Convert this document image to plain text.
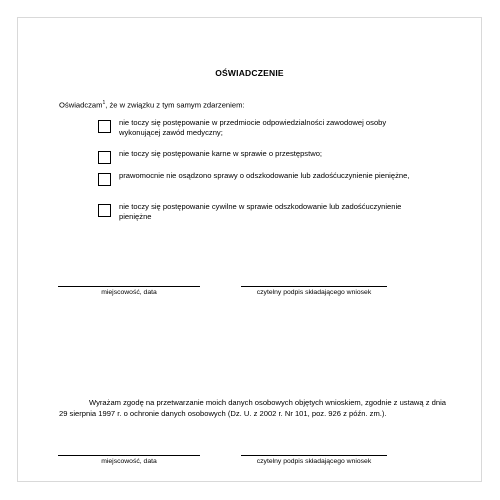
OŚWIADCZENIE
Oświadczam$^1$, że w związku z tym samym zdarzeniem:
nie toczy się postępowanie w przedmiocie odpowiedzialności zawodowej osoby wykonującej zawód medyczny;
nie toczy się postępowanie karne w sprawie o przestępstwo;
prawomocnie nie osądzono sprawy o odszkodowanie lub zadośćuczynienie pieniężne,
nie toczy się postępowanie cywilne w sprawie odszkodowanie lub zadośćuczynienie pieniężne
miejscowość, data	czytelny podpis składającego wniosek
Wyrażam zgodę na przetwarzanie moich danych osobowych objętych wnioskiem, zgodnie z ustawą z dnia 29 sierpnia 1997 r. o ochronie danych osobowych (Dz. U. z 2002 r. Nr 101, poz. 926 z późn. zm.).
miejscowość, data	czytelny podpis składającego wniosek
